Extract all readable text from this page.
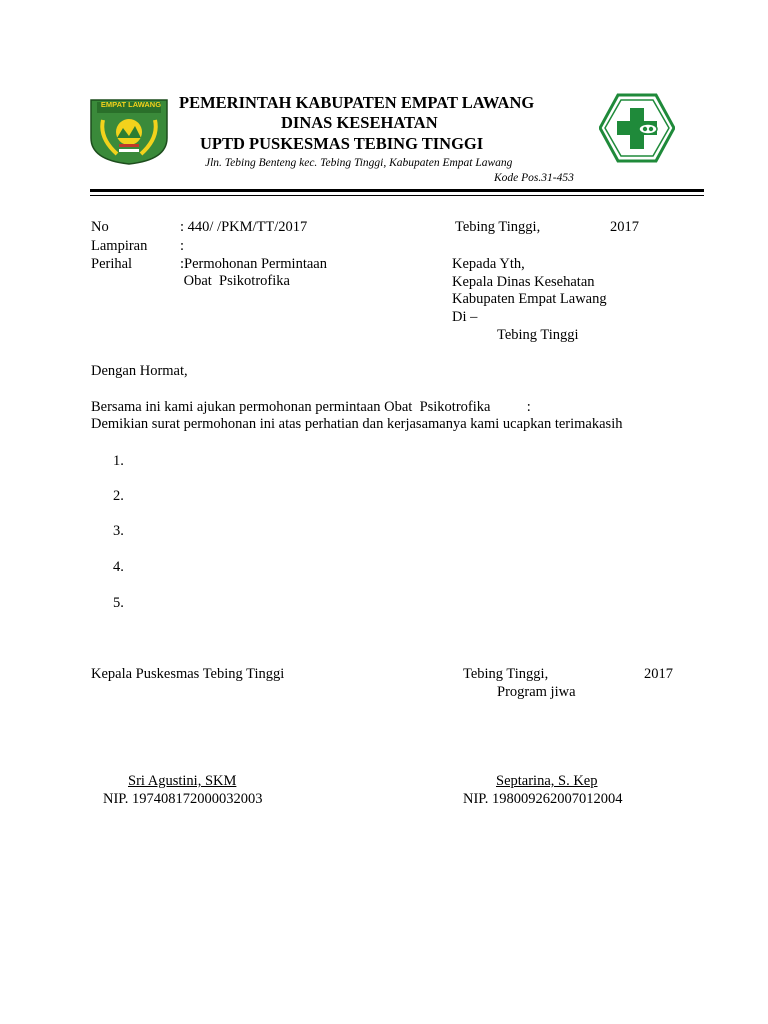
EMPAT LAWANG PEMERINTAH KABUPATEN EMPAT LAWANG
DINAS KESEHATAN
UPTD PUSKESMAS TEBING TINGGI
Jln. Tebing Benteng kec. Tebing Tinggi, Kabupaten Empat Lawang
Kode Pos.31-453
No	: 440/ /PKM/TT/2017
Lampiran :
Perihal	:Permohonan Permintaan
Obat  Psikotrofika
Tebing Tinggi,	2017
Kepada Yth,
Kepala Dinas Kesehatan
Kabupaten Empat Lawang
Di –
Tebing Tinggi
Dengan Hormat,
Bersama ini kami ajukan permohonan permintaan Obat  Psikotrofika          :
Demikian surat permohonan ini atas perhatian dan kerjasamanya kami ucapkan terimakasih
1.
2.
3.
4.
5.
Kepala Puskesmas Tebing Tinggi	Tebing Tinggi,	2017
Program jiwa
Sri Agustini, SKM
NIP. 197408172000032003
Septarina, S. Kep
NIP. 198009262007012004
